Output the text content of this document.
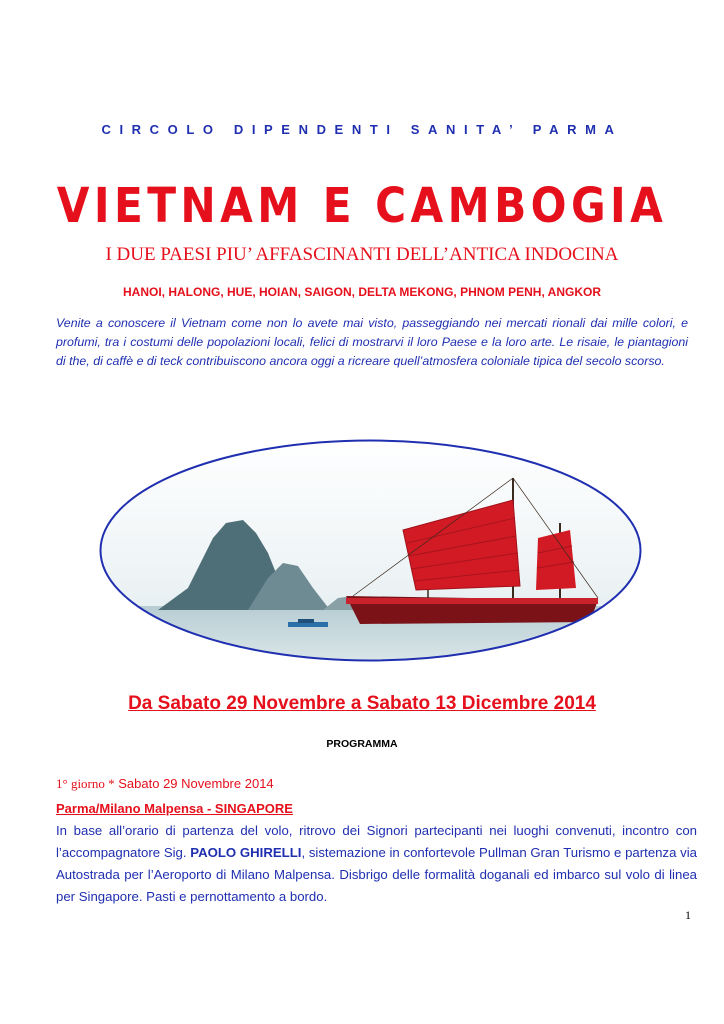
CIRCOLO DIPENDENTI SANITA’ PARMA
VIETNAM E CAMBOGIA
I DUE PAESI PIU’ AFFASCINANTI DELL’ANTICA INDOCINA
HANOI, HALONG, HUE, HOIAN, SAIGON, DELTA MEKONG, PHNOM PENH, ANGKOR
Venite a conoscere il Vietnam come non lo avete mai visto, passeggiando nei mercati rionali dai mille colori, e profumi, tra i costumi delle popolazioni locali, felici di mostrarvi il loro Paese e la loro arte. Le risaie, le piantagioni di the, di caffè e di teck contribuiscono ancora oggi a ricreare quell’atmosfera coloniale tipica del secolo scorso.
Da Sabato 29 Novembre a Sabato 13 Dicembre 2014
PROGRAMMA
1° giorno * Sabato 29 Novembre 2014
Parma/Milano Malpensa - SINGAPORE
In base all’orario di partenza del volo, ritrovo dei Signori partecipanti nei luoghi convenuti, incontro con l’accompagnatore Sig. PAOLO GHIRELLI, sistemazione in confortevole Pullman Gran Turismo e partenza via Autostrada per l’Aeroporto di Milano Malpensa. Disbrigo delle formalità doganali ed imbarco sul volo di linea per Singapore. Pasti e pernottamento a bordo.
1
